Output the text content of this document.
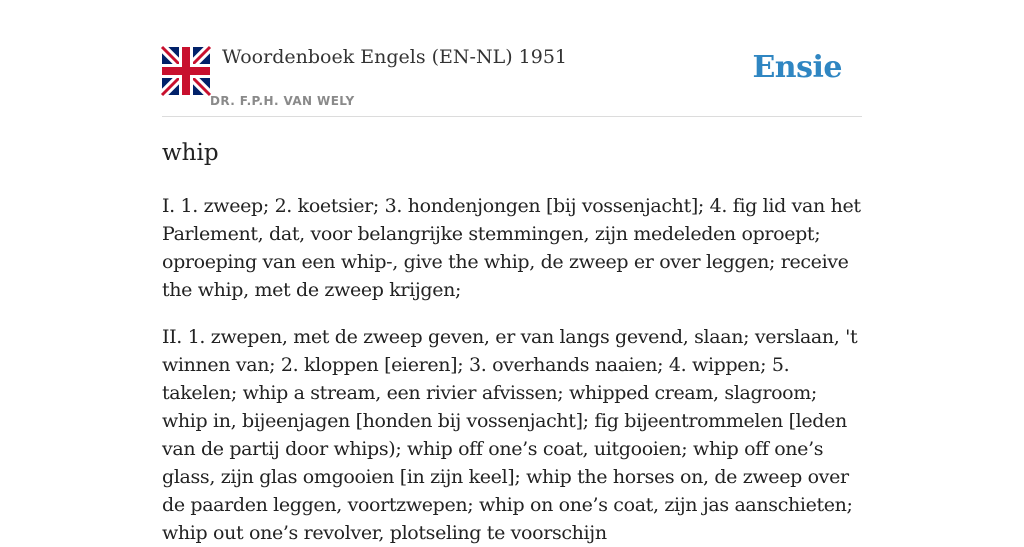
Woordenboek Engels (EN-NL) 1951
DR. F.P.H. VAN WELY
Ensie
whip

I. 1. zweep; 2. koetsier; 3. hondenjongen [bij vossenjacht]; 4. fig lid van het Parlement, dat, voor belangrijke stemmingen, zijn medeleden oproept; oproeping van een whip-, give the whip, de zweep er over leggen; receive the whip, met de zweep krijgen;

II. 1. zwepen, met de zweep geven, er van langs gevend, slaan; verslaan, 't winnen van; 2. kloppen [eieren]; 3. overhands naaien; 4. wippen; 5. takelen; whip a stream, een rivier afvissen; whipped cream, slagroom; whip in, bijeenjagen [honden bij vossenjacht]; fig bijeentrommelen [leden van de partij door whips); whip off one’s coat, uitgooien; whip off one’s glass, zijn glas omgooien [in zijn keel]; whip the horses on, de zweep over de paarden leggen, voortzwepen; whip on one’s coat, zijn jas aanschieten; whip out one’s revolver, plotseling te voorschijn
